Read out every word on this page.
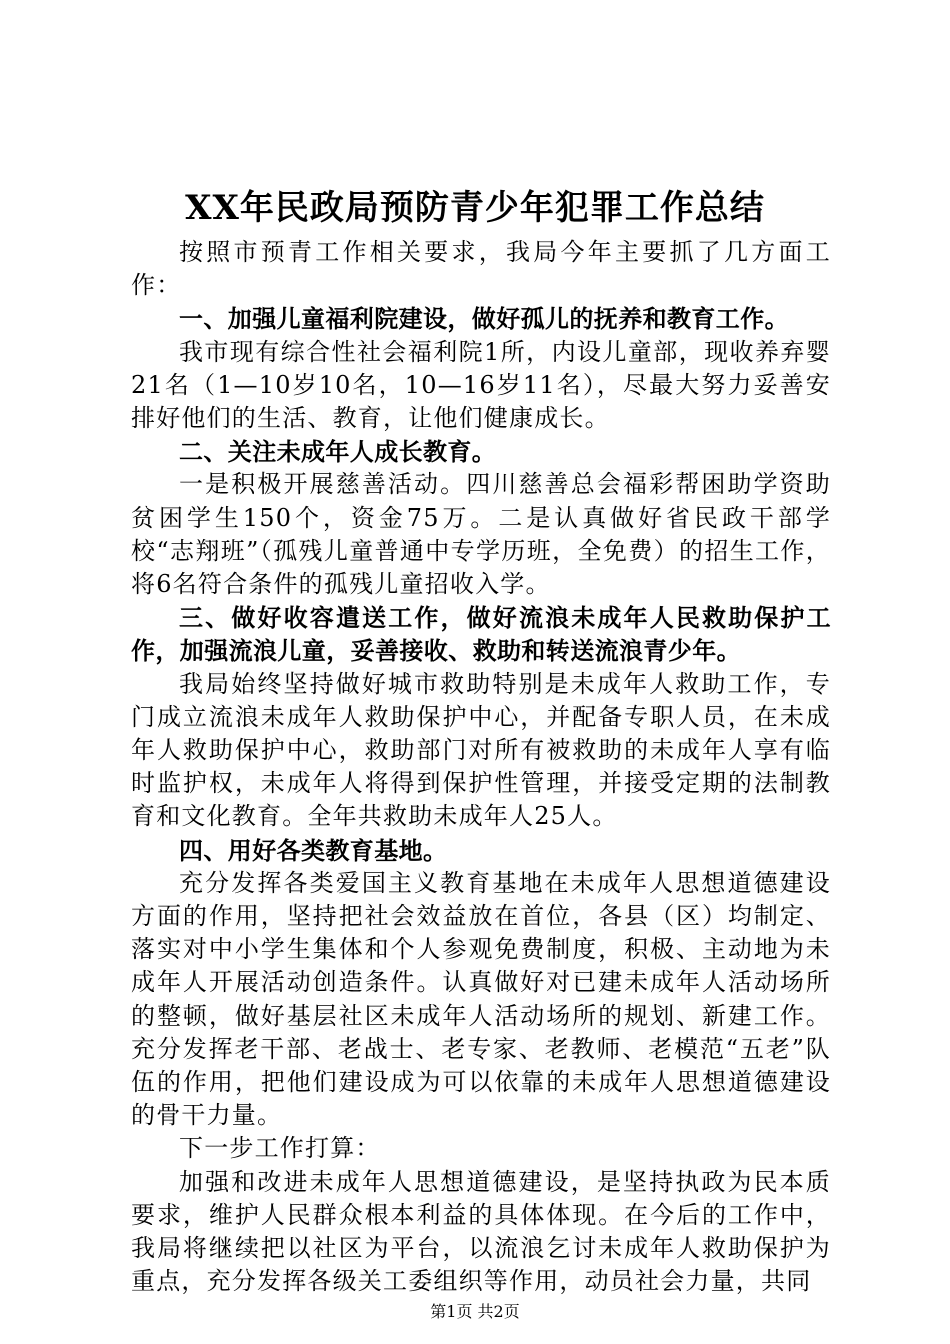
XX年民政局预防青少年犯罪工作总结

按照市预青工作相关要求，我局今年主要抓了几方面工作：

一、加强儿童福利院建设，做好孤儿的抚养和教育工作。

我市现有综合性社会福利院1所，内设儿童部，现收养弃婴21名（1—10岁10名，10—16岁11名），尽最大努力妥善安排好他们的生活、教育，让他们健康成长。

二、关注未成年人成长教育。

一是积极开展慈善活动。四川慈善总会福彩帮困助学资助贫困学生150个，资金75万。二是认真做好省民政干部学校“志翔班”（孤残儿童普通中专学历班，全免费）的招生工作，将6名符合条件的孤残儿童招收入学。

三、做好收容遣送工作，做好流浪未成年人民救助保护工作，加强流浪儿童，妥善接收、救助和转送流浪青少年。

我局始终坚持做好城市救助特别是未成年人救助工作，专门成立流浪未成年人救助保护中心，并配备专职人员，在未成年人救助保护中心，救助部门对所有被救助的未成年人享有临时监护权，未成年人将得到保护性管理，并接受定期的法制教育和文化教育。全年共救助未成年人25人。

四、用好各类教育基地。

充分发挥各类爱国主义教育基地在未成年人思想道德建设方面的作用，坚持把社会效益放在首位，各县（区）均制定、落实对中小学生集体和个人参观免费制度，积极、主动地为未成年人开展活动创造条件。认真做好对已建未成年人活动场所的整顿，做好基层社区未成年人活动场所的规划、新建工作。充分发挥老干部、老战士、老专家、老教师、老模范“五老”队伍的作用，把他们建设成为可以依靠的未成年人思想道德建设的骨干力量。

下一步工作打算：

加强和改进未成年人思想道德建设，是坚持执政为民本质要求，维护人民群众根本利益的具体体现。在今后的工作中，我局将继续把以社区为平台，以流浪乞讨未成年人救助保护为重点，充分发挥各级关工委组织等作用，动员社会力量，共同

第1页 共2页
